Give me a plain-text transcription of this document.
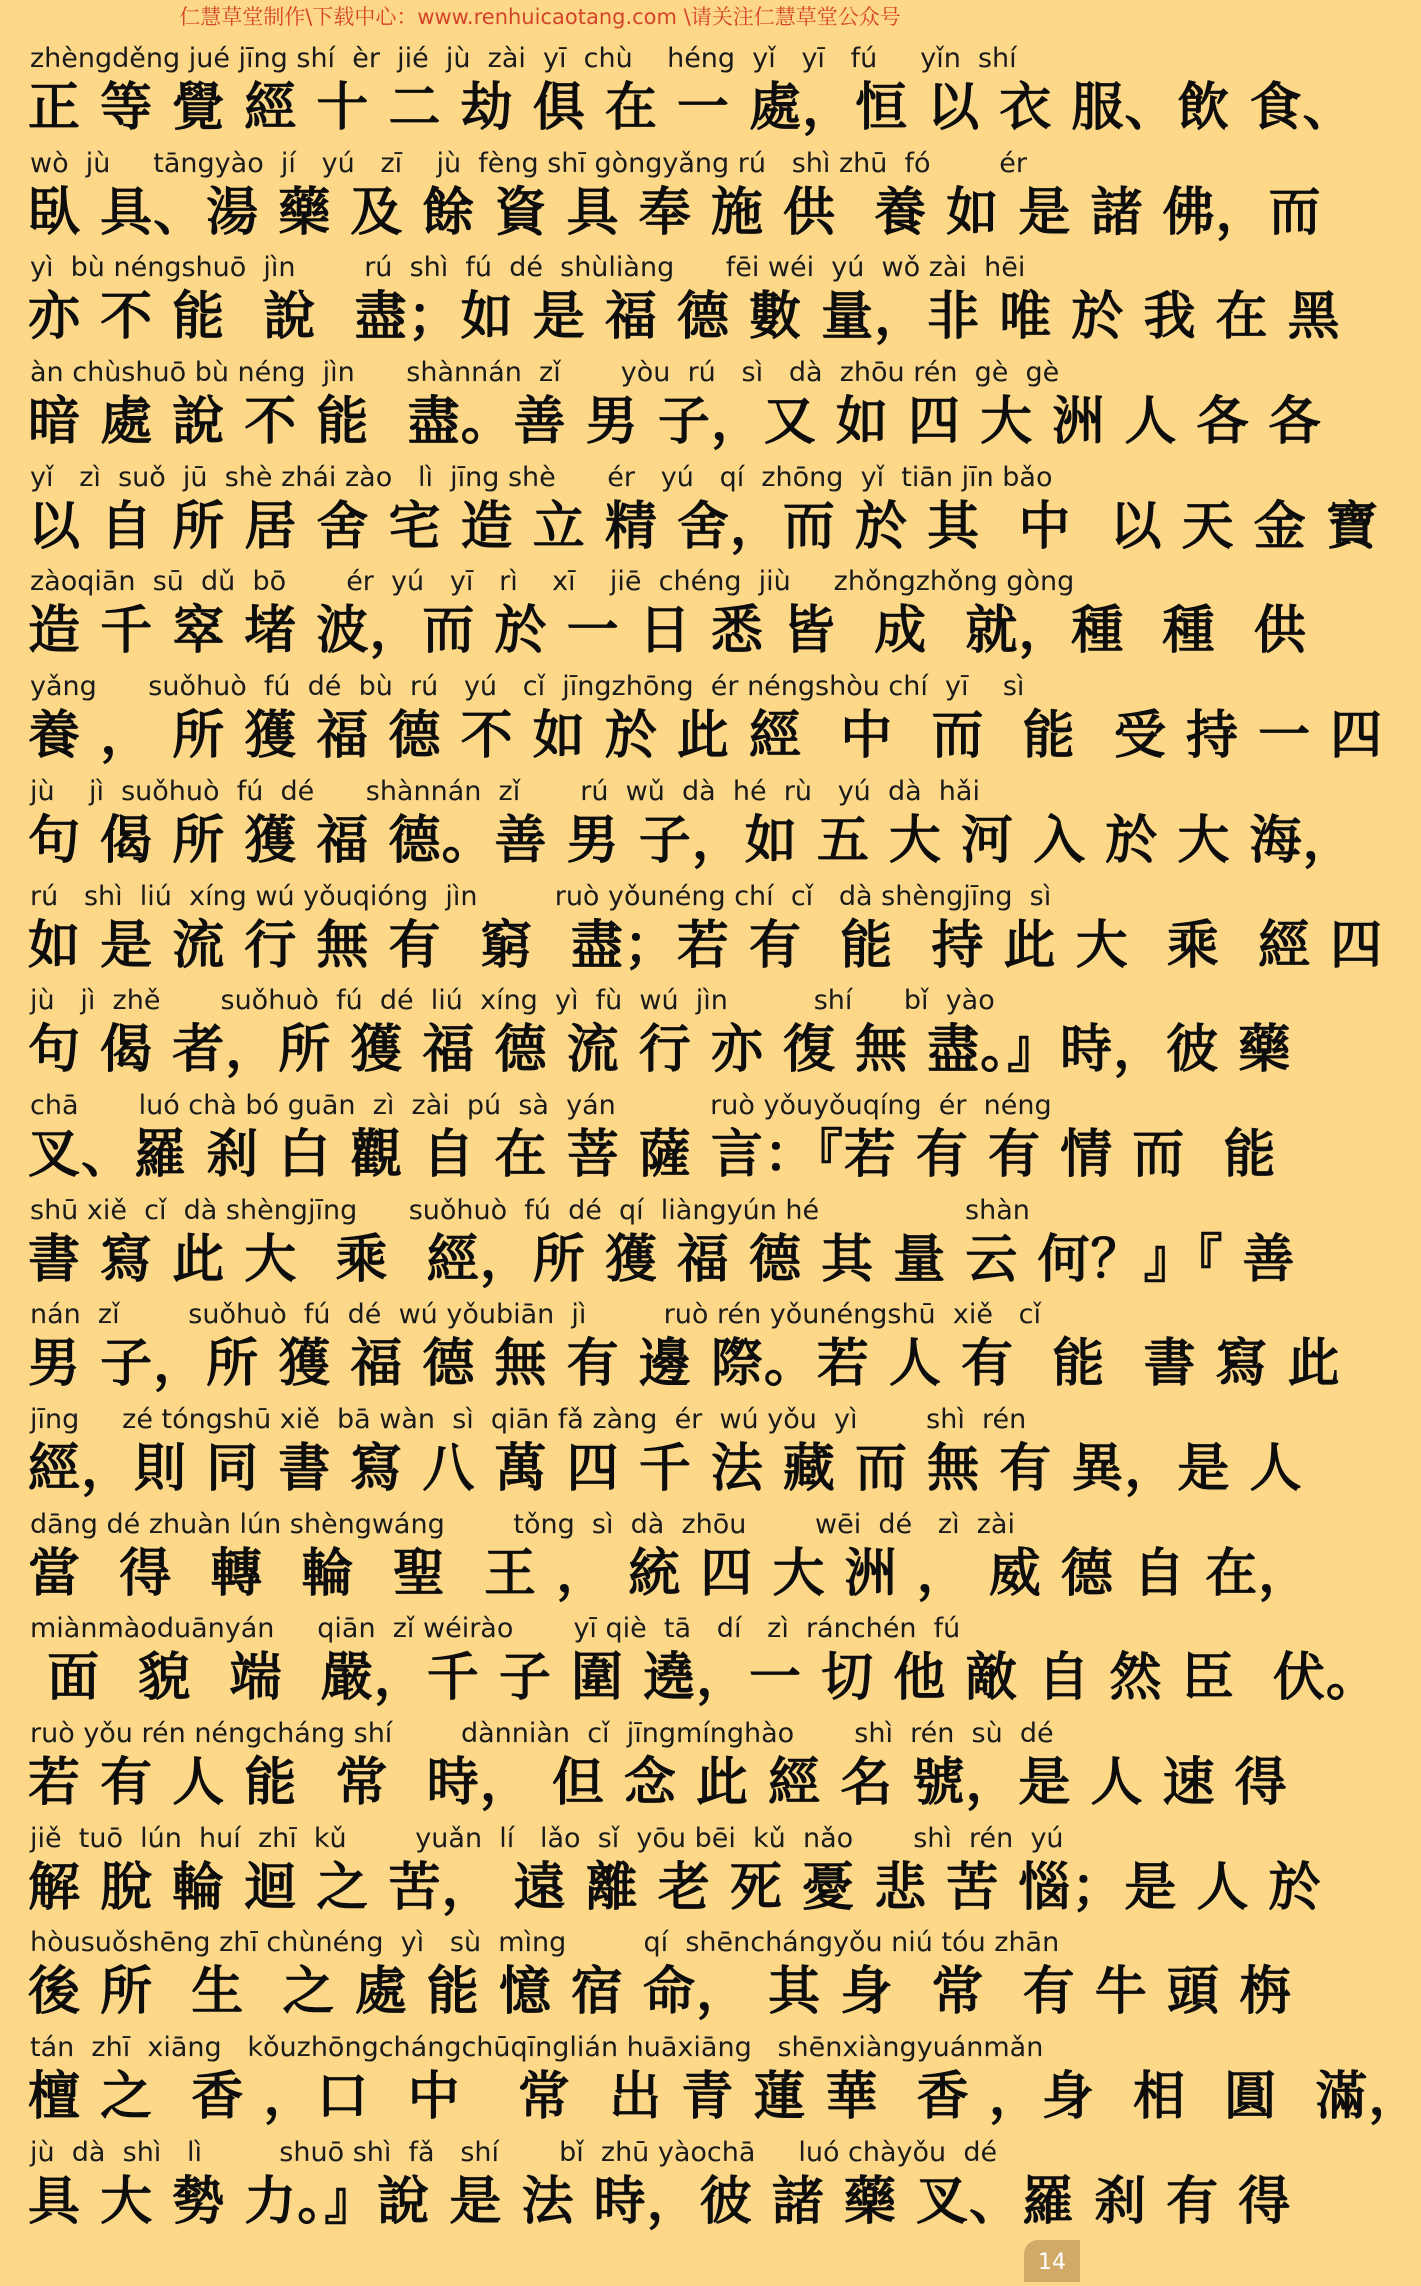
仁慧草堂制作\下载中心：www.renhuicaotang.com \请关注仁慧草堂公众号
zhèngděng jué jīng shí  èr  jié  jù  zài  yī  chù    héng  yǐ   yī   fú     yǐn  shí
正 等 覺 經 十 二 劫 俱 在 一 處，恒 以 衣 服、飲 食、
wò  jù     tāngyào  jí   yú   zī    jù  fèng shī gòngyǎng rú   shì zhū  fó        ér
臥 具、湯 藥 及 餘 資 具 奉 施 供  養 如 是 諸 佛，而
yì  bù néngshuō  jìn        rú  shì  fú  dé  shùliàng      fēi wéi  yú  wǒ zài  hēi
亦 不 能  說  盡；如 是 福 德 數 量，非 唯 於 我 在 黑
àn chùshuō bù néng  jìn      shànnán  zǐ       yòu  rú   sì   dà  zhōu rén  gè  gè
暗 處 說 不 能  盡。善 男 子，又 如 四 大 洲 人 各 各
yǐ   zì  suǒ  jū  shè zhái zào   lì  jīng shè      ér   yú   qí  zhōng  yǐ  tiān jīn bǎo
以 自 所 居 舍 宅 造 立 精 舍，而 於 其  中  以 天 金 寶
zàoqiān  sū  dǔ  bō       ér  yú   yī   rì    xī    jiē  chéng  jiù     zhǒngzhǒng gòng
造 千 窣 堵 波，而 於 一 日 悉 皆  成  就，種  種  供
yǎng      suǒhuò  fú  dé  bù  rú   yú   cǐ  jīngzhōng  ér néngshòu chí  yī    sì
養 ， 所 獲 福 德 不 如 於 此 經  中  而  能  受 持 一 四
jù    jì  suǒhuò  fú  dé      shànnán  zǐ       rú  wǔ  dà  hé  rù   yú  dà  hǎi
句 偈 所 獲 福 德。善 男 子，如 五 大 河 入 於 大 海，
rú   shì  liú  xíng wú yǒuqióng  jìn         ruò yǒunéng chí  cǐ   dà shèngjīng  sì
如 是 流 行 無 有  窮  盡；若 有  能  持 此 大  乘  經 四
jù   jì  zhě       suǒhuò  fú  dé  liú  xíng  yì  fù  wú  jìn          shí      bǐ  yào
句 偈 者，所 獲 福 德 流 行 亦 復 無 盡。』時，彼 藥
chā       luó chà bó guān  zì  zài  pú  sà  yán           ruò yǒuyǒuqíng  ér  néng
叉、羅 刹 白 觀 自 在 菩 薩 言：『若 有 有 情 而  能
shū xiě  cǐ  dà shèngjīng      suǒhuò  fú  dé  qí  liàngyún hé                 shàn
書 寫 此 大  乘  經，所 獲 福 德 其 量 云 何？』『 善
nán  zǐ        suǒhuò  fú  dé  wú yǒubiān  jì         ruò rén yǒunéngshū  xiě   cǐ
男 子，所 獲 福 德 無 有 邊 際。若 人 有  能  書 寫 此
jīng     zé tóngshū xiě  bā wàn  sì  qiān fǎ zàng  ér  wú yǒu  yì        shì  rén
經，則 同 書 寫 八 萬 四 千 法 藏 而 無 有 異，是 人
dāng dé zhuàn lún shèngwáng        tǒng  sì  dà  zhōu        wēi  dé   zì  zài
當  得  轉  輪  聖  王 ， 統 四 大 洲 ， 威 德 自 在，
miànmàoduānyán     qiān  zǐ wéirào       yī qiè  tā   dí   zì  ránchén  fú
面  貌  端  嚴，千 子 圍 遶，一 切 他 敵 自 然 臣  伏。
ruò yǒu rén néngcháng shí        dànniàn  cǐ  jīngmínghào       shì  rén  sù  dé
若 有 人 能  常  時， 但 念 此 經 名 號，是 人 速 得
jiě  tuō  lún  huí  zhī  kǔ        yuǎn  lí   lǎo  sǐ  yōu bēi  kǔ  nǎo       shì  rén  yú
解 脫 輪 迴 之 苦， 遠 離 老 死 憂 悲 苦 惱；是 人 於
hòusuǒshēng zhī chùnéng  yì   sù  mìng         qí  shēnchángyǒu niú tóu zhān
後 所  生  之 處 能 憶 宿 命， 其 身  常  有 牛 頭 栴
tán  zhī  xiāng   kǒuzhōngchángchūqīnglián huāxiāng   shēnxiàngyuánmǎn
檀 之  香 ，口  中   常  出 青 蓮 華  香 ，身  相  圓  滿，
jù  dà  shì   lì         shuō shì  fǎ   shí       bǐ  zhū yàochā     luó chàyǒu  dé
具 大 勢 力。』說 是 法 時，彼 諸 藥 叉、羅 刹 有 得
14
